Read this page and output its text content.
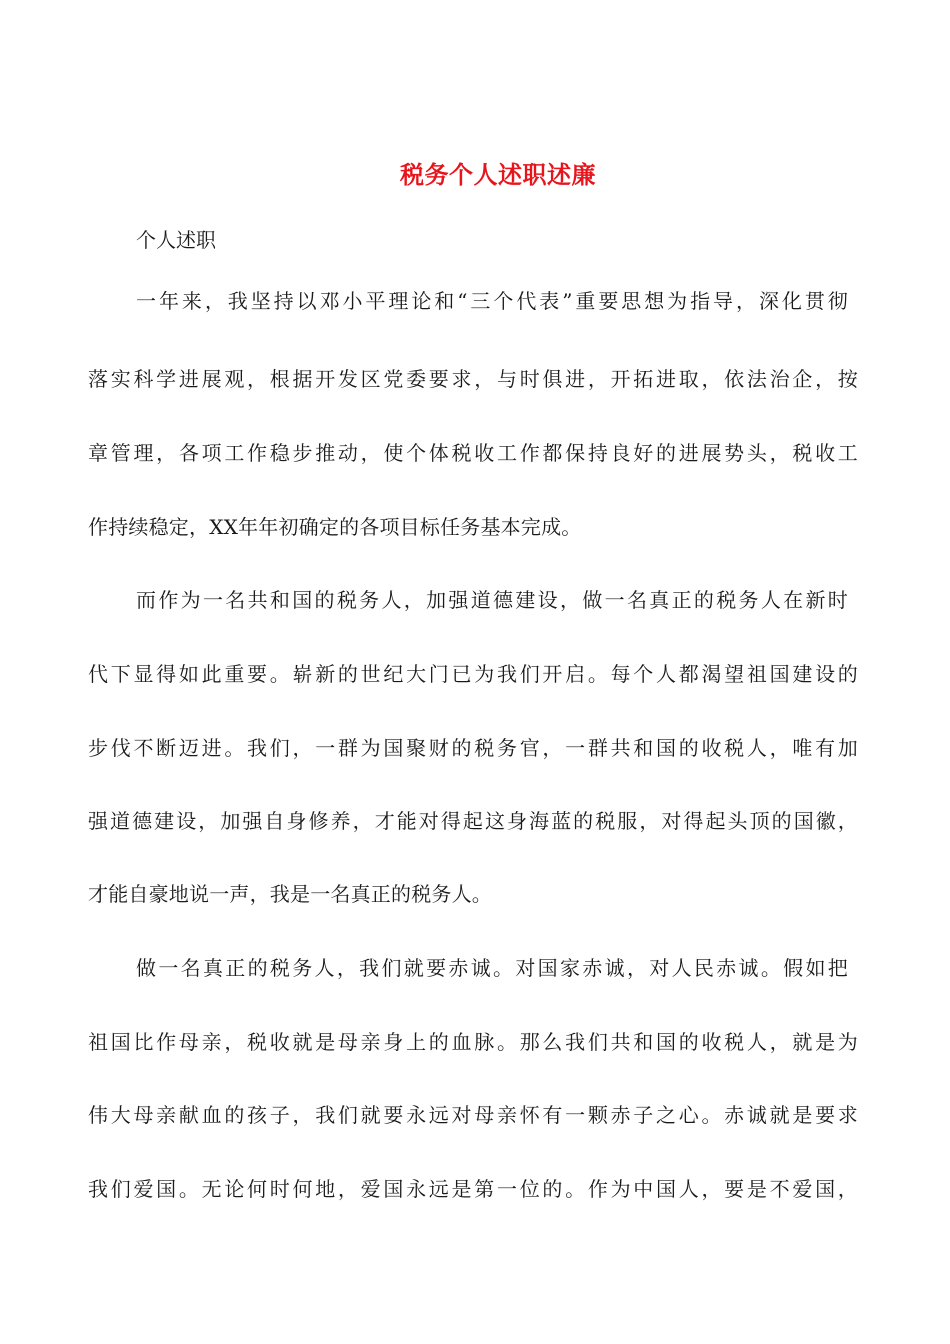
税务个人述职述廉
个人述职
一年来，我坚持以邓小平理论和“三个代表”重要思想为指导，深化贯彻
落实科学进展观，根据开发区党委要求，与时俱进，开拓进取，依法治企，按
章管理，各项工作稳步推动，使个体税收工作都保持良好的进展势头，税收工
作持续稳定，XX年年初确定的各项目标任务基本完成。
而作为一名共和国的税务人，加强道德建设，做一名真正的税务人在新时
代下显得如此重要。崭新的世纪大门已为我们开启。每个人都渴望祖国建设的
步伐不断迈进。我们，一群为国聚财的税务官，一群共和国的收税人，唯有加
强道德建设，加强自身修养，才能对得起这身海蓝的税服，对得起头顶的国徽，
才能自豪地说一声，我是一名真正的税务人。
做一名真正的税务人，我们就要赤诚。对国家赤诚，对人民赤诚。假如把
祖国比作母亲，税收就是母亲身上的血脉。那么我们共和国的收税人，就是为
伟大母亲献血的孩子，我们就要永远对母亲怀有一颗赤子之心。赤诚就是要求
我们爱国。无论何时何地，爱国永远是第一位的。作为中国人，要是不爱国，
